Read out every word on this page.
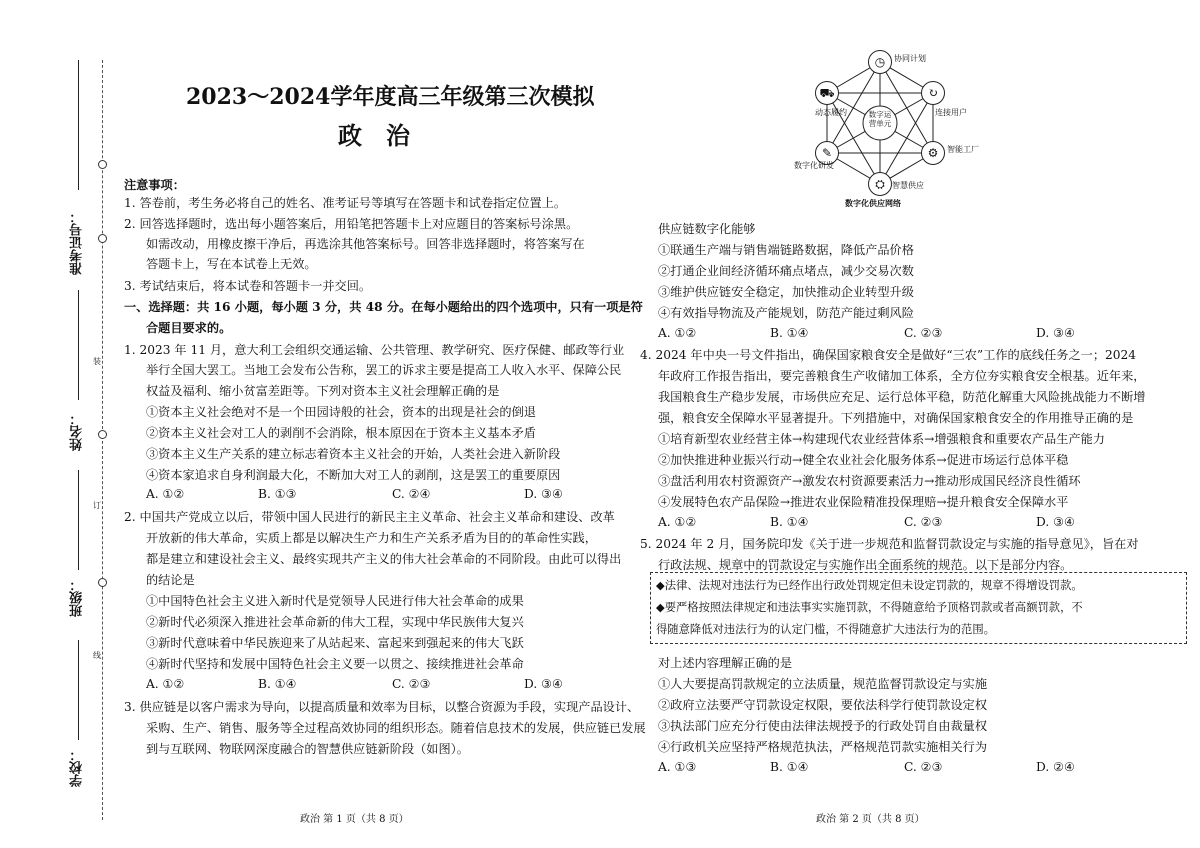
装
订
线
准考证号：
姓名：
班级：
学校：
2023～2024学年度高三年级第三次模拟
政　治
注意事项：
1. 答卷前，考生务必将自己的姓名、准考证号等填写在答题卡和试卷指定位置上。
2. 回答选择题时，选出每小题答案后，用铅笔把答题卡上对应题目的答案标号涂黑。
如需改动，用橡皮擦干净后，再选涂其他答案标号。回答非选择题时，将答案写在
答题卡上，写在本试卷上无效。
3. 考试结束后，将本试卷和答题卡一并交回。
一、选择题：共 16 小题，每小题 3 分，共 48 分。在每小题给出的四个选项中，只有一项是符
合题目要求的。
1. 2023 年 11 月，意大利工会组织交通运输、公共管理、教学研究、医疗保健、邮政等行业
举行全国大罢工。当地工会发布公告称，罢工的诉求主要是提高工人收入水平、保障公民
权益及福利、缩小贫富差距等。下列对资本主义社会理解正确的是
①资本主义社会绝对不是一个田园诗般的社会，资本的出现是社会的倒退
②资本主义社会对工人的剥削不会消除，根本原因在于资本主义基本矛盾
③资本主义生产关系的建立标志着资本主义社会的开始，人类社会进入新阶段
④资本家追求自身利润最大化，不断加大对工人的剥削，这是罢工的重要原因
A. ①②	B. ①③	C. ②④	D. ③④
2. 中国共产党成立以后，带领中国人民进行的新民主主义革命、社会主义革命和建设、改革
开放新的伟大革命，实质上都是以解决生产力和生产关系矛盾为目的的革命性实践，
都是建立和建设社会主义、最终实现共产主义的伟大社会革命的不同阶段。由此可以得出
的结论是
①中国特色社会主义进入新时代是党领导人民进行伟大社会革命的成果
②新时代必须深入推进社会革命新的伟大工程，实现中华民族伟大复兴
③新时代意味着中华民族迎来了从站起来、富起来到强起来的伟大飞跃
④新时代坚持和发展中国特色社会主义要一以贯之、接续推进社会革命
A. ①②	B. ①④	C. ②③	D. ③④
3. 供应链是以客户需求为导向，以提高质量和效率为目标，以整合资源为手段，实现产品设计、
采购、生产、销售、服务等全过程高效协同的组织形态。随着信息技术的发展，供应链已发展
到与互联网、物联网深度融合的智慧供应链新阶段（如图）。
政治 第 1 页（共 8 页）
数字运营单元
◷	协同计划
↻
连接用户
⚙	智能工厂
⛭ 智慧供应
✎
数字化研发
⛟
动态履约
数字化供应网络
供应链数字化能够
①联通生产端与销售端链路数据，降低产品价格
②打通企业间经济循环痛点堵点，减少交易次数
③维护供应链安全稳定，加快推动企业转型升级
④有效指导物流及产能规划，防范产能过剩风险
A. ①②	B. ①④	C. ②③	D. ③④
4. 2024 年中央一号文件指出，确保国家粮食安全是做好“三农”工作的底线任务之一；2024
年政府工作报告指出，要完善粮食生产收储加工体系，全方位夯实粮食安全根基。近年来，
我国粮食生产稳步发展，市场供应充足、运行总体平稳，防范化解重大风险挑战能力不断增
强，粮食安全保障水平显著提升。下列措施中，对确保国家粮食安全的作用推导正确的是
①培育新型农业经营主体→构建现代农业经营体系→增强粮食和重要农产品生产能力
②加快推进种业振兴行动→健全农业社会化服务体系→促进市场运行总体平稳
③盘活利用农村资源资产→激发农村资源要素活力→推动形成国民经济良性循环
④发展特色农产品保险→推进农业保险精准投保理赔→提升粮食安全保障水平
A. ①②	B. ①④	C. ②③	D. ③④
5. 2024 年 2 月，国务院印发《关于进一步规范和监督罚款设定与实施的指导意见》，旨在对
行政法规、规章中的罚款设定与实施作出全面系统的规范。以下是部分内容。
◆法律、法规对违法行为已经作出行政处罚规定但未设定罚款的，规章不得增设罚款。
◆要严格按照法律规定和违法事实实施罚款，不得随意给予顶格罚款或者高额罚款，不
得随意降低对违法行为的认定门槛，不得随意扩大违法行为的范围。
对上述内容理解正确的是
①人大要提高罚款规定的立法质量，规范监督罚款设定与实施
②政府立法要严守罚款设定权限，要依法科学行使罚款设定权
③执法部门应充分行使由法律法规授予的行政处罚自由裁量权
④行政机关应坚持严格规范执法，严格规范罚款实施相关行为
A. ①③	B. ①④	C. ②③	D. ②④
政治 第 2 页（共 8 页）
